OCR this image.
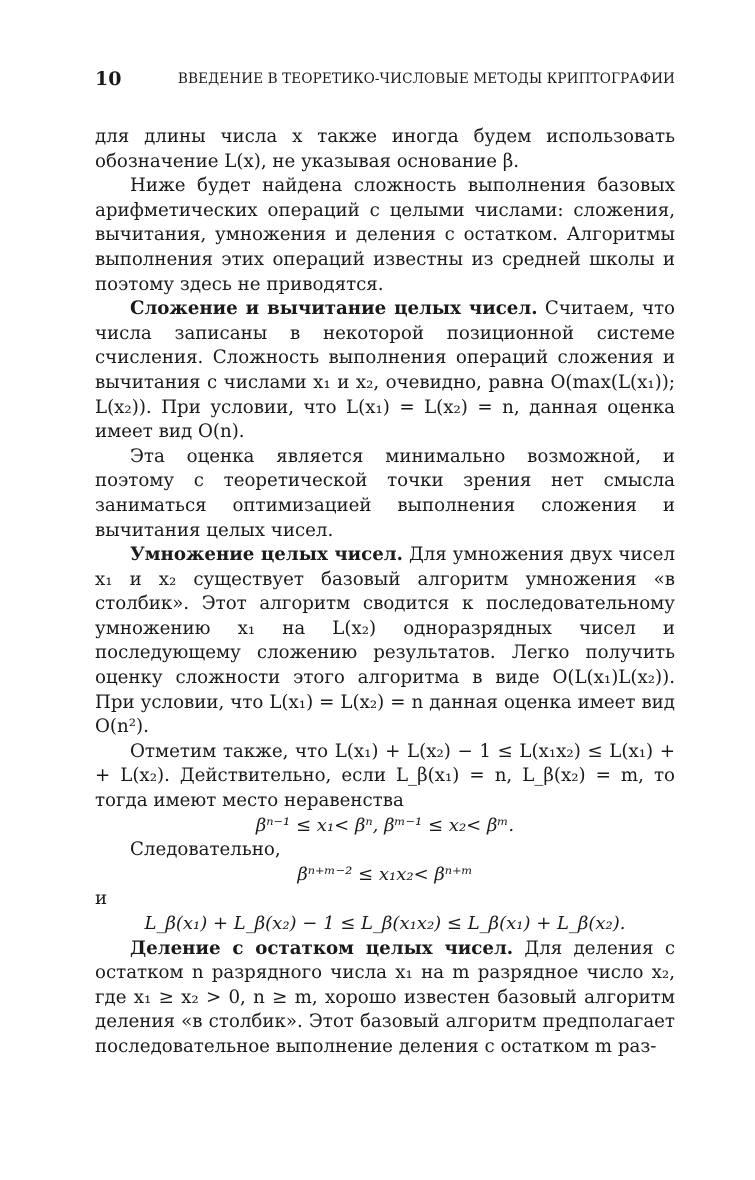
10	ВВЕДЕНИЕ В ТЕОРЕТИКО-ЧИСЛОВЫЕ МЕТОДЫ КРИПТОГРАФИИ

для длины числа x также иногда будем использовать обозначение L(x), не указывая основание β.

Ниже будет найдена сложность выполнения базовых арифметических операций с целыми числами: сложения, вычитания, умножения и деления с остатком. Алгоритмы выполнения этих операций известны из средней школы и поэтому здесь не приводятся.

Сложение и вычитание целых чисел. Считаем, что числа записаны в некоторой позиционной системе счисления. Сложность выполнения операций сложения и вычитания с числами x₁ и x₂, очевидно, равна O(max(L(x₁)); L(x₂)). При условии, что L(x₁) = L(x₂) = n, данная оценка имеет вид O(n).

Эта оценка является минимально возможной, и поэтому с теоретической точки зрения нет смысла заниматься оптимизацией выполнения сложения и вычитания целых чисел.

Умножение целых чисел. Для умножения двух чисел x₁ и x₂ существует базовый алгоритм умножения «в столбик». Этот алгоритм сводится к последовательному умножению x₁ на L(x₂) одноразрядных чисел и последующему сложению результатов. Легко получить оценку сложности этого алгоритма в виде O(L(x₁)L(x₂)). При условии, что L(x₁) = L(x₂) = n данная оценка имеет вид O(n²).

Отметим также, что L(x₁) + L(x₂) − 1 ≤ L(x₁x₂) ≤ L(x₁) + + L(x₂). Действительно, если L_β(x₁) = n, L_β(x₂) = m, то тогда имеют место неравенства

βⁿ⁻¹ ≤ x₁< βⁿ, βᵐ⁻¹ ≤ x₂< βᵐ.

Следовательно,

βⁿ⁺ᵐ⁻² ≤ x₁x₂< βⁿ⁺ᵐ

и

L_β(x₁) + L_β(x₂) − 1 ≤ L_β(x₁x₂) ≤ L_β(x₁) + L_β(x₂).

Деление с остатком целых чисел. Для деления с остатком n разрядного числа x₁ на m разрядное число x₂, где x₁ ≥ x₂ > 0, n ≥ m, хорошо известен базовый алгоритм деления «в столбик». Этот базовый алгоритм предполагает последовательное выполнение деления с остатком m раз-
